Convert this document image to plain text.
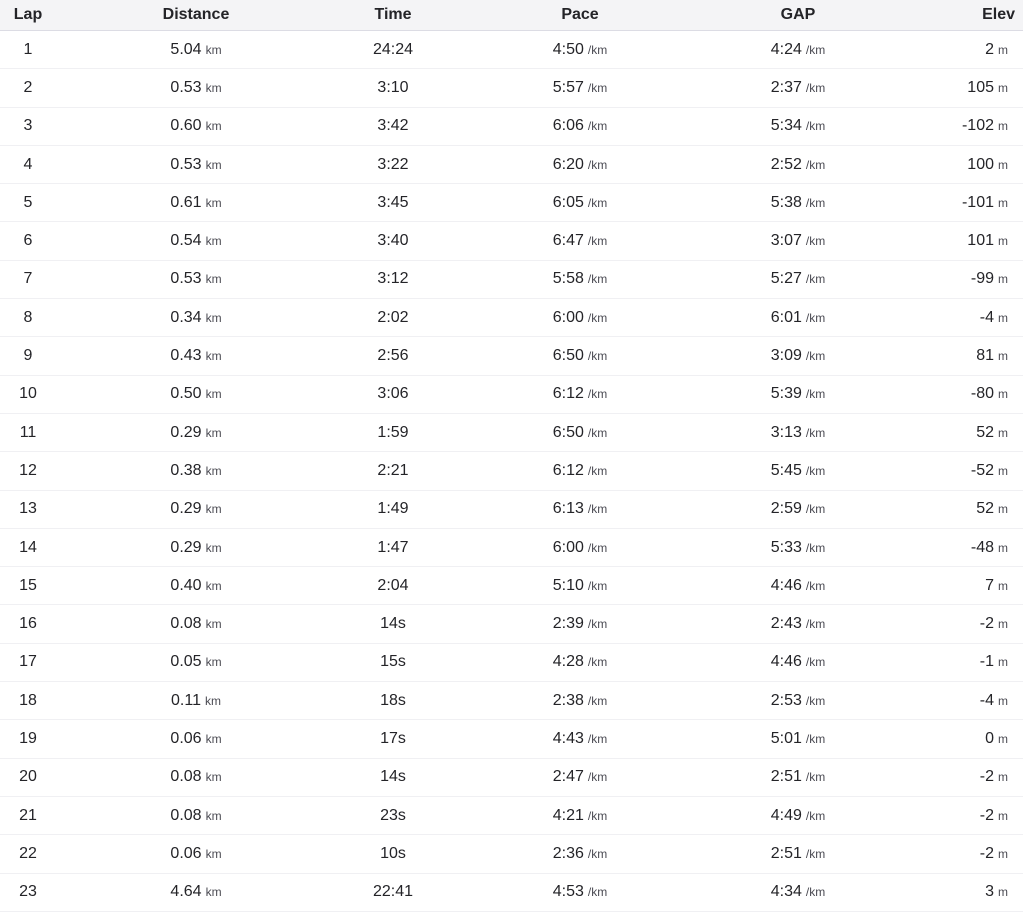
Lap	Distance	Time	Pace	GAP	Elev
1	5.04 km	24:24	4:50 /km	4:24 /km	2 m
2	0.53 km	3:10	5:57 /km	2:37 /km	105 m
3	0.60 km	3:42	6:06 /km	5:34 /km	-102 m
4	0.53 km	3:22	6:20 /km	2:52 /km	100 m
5	0.61 km	3:45	6:05 /km	5:38 /km	-101 m
6	0.54 km	3:40	6:47 /km	3:07 /km	101 m
7	0.53 km	3:12	5:58 /km	5:27 /km	-99 m
8	0.34 km	2:02	6:00 /km	6:01 /km	-4 m
9	0.43 km	2:56	6:50 /km	3:09 /km	81 m
10	0.50 km	3:06	6:12 /km	5:39 /km	-80 m
11	0.29 km	1:59	6:50 /km	3:13 /km	52 m
12	0.38 km	2:21	6:12 /km	5:45 /km	-52 m
13	0.29 km	1:49	6:13 /km	2:59 /km	52 m
14	0.29 km	1:47	6:00 /km	5:33 /km	-48 m
15	0.40 km	2:04	5:10 /km	4:46 /km	7 m
16	0.08 km	14s	2:39 /km	2:43 /km	-2 m
17	0.05 km	15s	4:28 /km	4:46 /km	-1 m
18	0.11 km	18s	2:38 /km	2:53 /km	-4 m
19	0.06 km	17s	4:43 /km	5:01 /km	0 m
20	0.08 km	14s	2:47 /km	2:51 /km	-2 m
21	0.08 km	23s	4:21 /km	4:49 /km	-2 m
22	0.06 km	10s	2:36 /km	2:51 /km	-2 m
23	4.64 km	22:41	4:53 /km	4:34 /km	3 m
